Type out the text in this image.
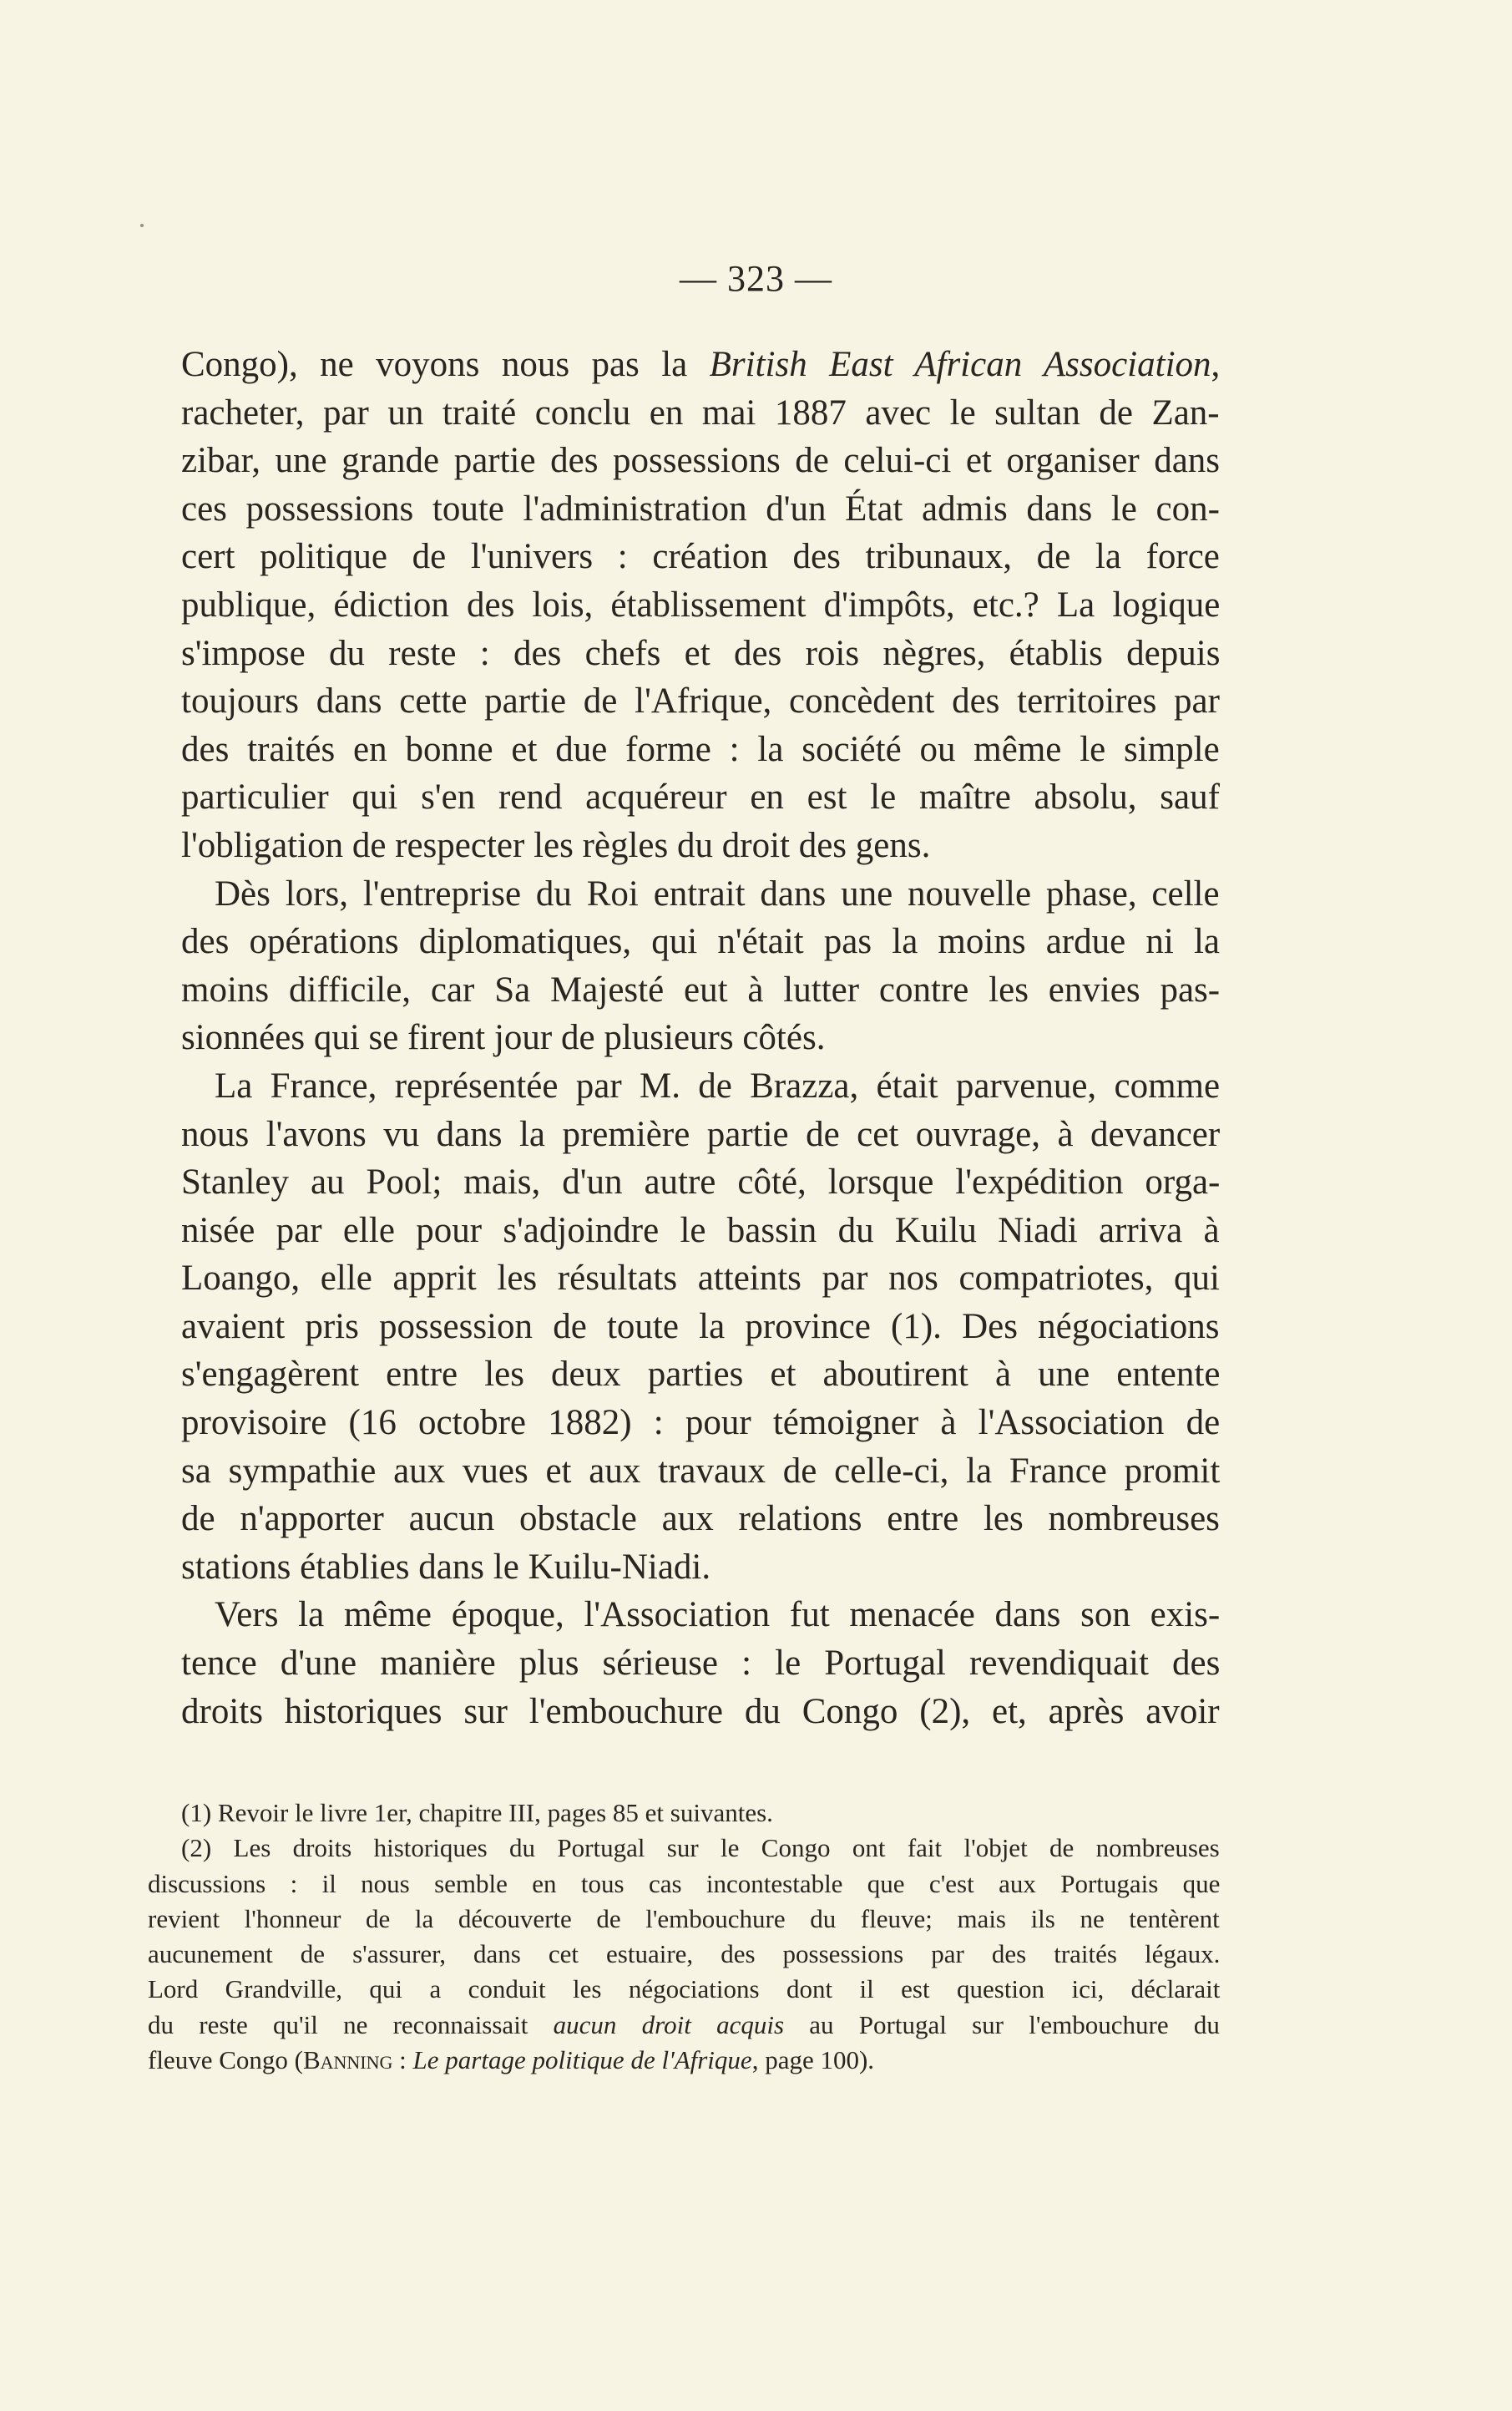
— 323 —
Congo), ne voyons nous pas la British East African Association,
racheter, par un traité conclu en mai 1887 avec le sultan de Zan-
zibar, une grande partie des possessions de celui-ci et organiser dans
ces possessions toute l'administration d'un État admis dans le con-
cert politique de l'univers : création des tribunaux, de la force
publique, édiction des lois, établissement d'impôts, etc.? La logique
s'impose du reste : des chefs et des rois nègres, établis depuis
toujours dans cette partie de l'Afrique, concèdent des territoires par
des traités en bonne et due forme : la société ou même le simple
particulier qui s'en rend acquéreur en est le maître absolu, sauf
l'obligation de respecter les règles du droit des gens.
Dès lors, l'entreprise du Roi entrait dans une nouvelle phase, celle
des opérations diplomatiques, qui n'était pas la moins ardue ni la
moins difficile, car Sa Majesté eut à lutter contre les envies pas-
sionnées qui se firent jour de plusieurs côtés.
La France, représentée par M. de Brazza, était parvenue, comme
nous l'avons vu dans la première partie de cet ouvrage, à devancer
Stanley au Pool; mais, d'un autre côté, lorsque l'expédition orga-
nisée par elle pour s'adjoindre le bassin du Kuilu Niadi arriva à
Loango, elle apprit les résultats atteints par nos compatriotes, qui
avaient pris possession de toute la province (1). Des négociations
s'engagèrent entre les deux parties et aboutirent à une entente
provisoire (16 octobre 1882) : pour témoigner à l'Association de
sa sympathie aux vues et aux travaux de celle-ci, la France promit
de n'apporter aucun obstacle aux relations entre les nombreuses
stations établies dans le Kuilu-Niadi.
Vers la même époque, l'Association fut menacée dans son exis-
tence d'une manière plus sérieuse : le Portugal revendiquait des
droits historiques sur l'embouchure du Congo (2), et, après avoir
(1) Revoir le livre 1er, chapitre III, pages 85 et suivantes.
(2) Les droits historiques du Portugal sur le Congo ont fait l'objet de nombreuses
discussions : il nous semble en tous cas incontestable que c'est aux Portugais que
revient l'honneur de la découverte de l'embouchure du fleuve; mais ils ne tentèrent
aucunement de s'assurer, dans cet estuaire, des possessions par des traités légaux.
Lord Grandville, qui a conduit les négociations dont il est question ici, déclarait
du reste qu'il ne reconnaissait aucun droit acquis au Portugal sur l'embouchure du
fleuve Congo (Banning : Le partage politique de l'Afrique, page 100).
